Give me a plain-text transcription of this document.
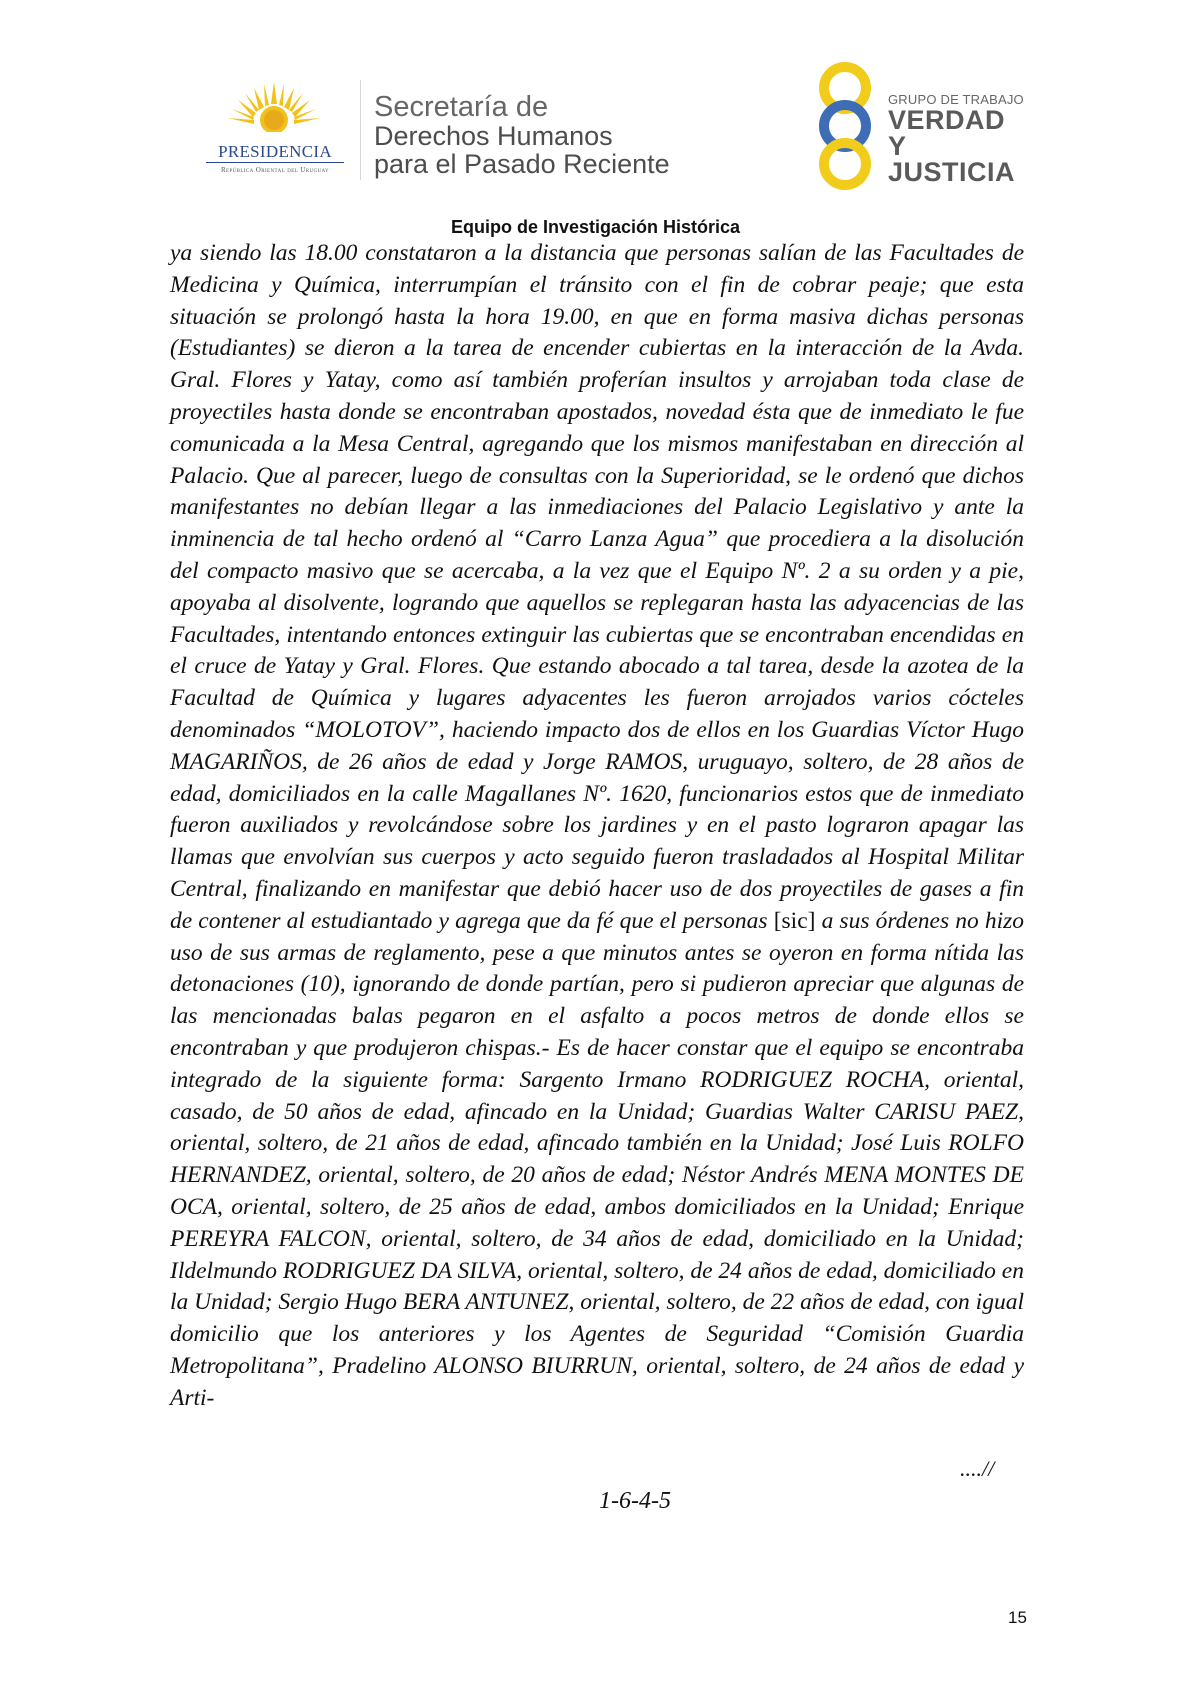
PRESIDENCIA
República Oriental del Uruguay
Secretaría de
Derechos Humanos
para el Pasado Reciente
GRUPO DE TRABAJO
VERDAD Y
JUSTICIA
Equipo de Investigación Histórica
ya siendo las 18.00 constataron a la distancia que personas salían de las Facultades de Medicina y Química, interrumpían el tránsito con el fin de cobrar peaje; que esta situación se prolongó hasta la hora 19.00, en que en forma masiva dichas personas (Estudiantes) se dieron a la tarea de encender cubiertas en la interacción de la Avda. Gral. Flores y Yatay, como así también proferían insultos y arrojaban toda clase de proyectiles hasta donde se encontraban apostados, novedad ésta que de inmediato le fue comunicada a la Mesa Central, agregando que los mismos manifestaban en dirección al Palacio. Que al parecer, luego de consultas con la Superioridad, se le ordenó que dichos manifestantes no debían llegar a las inmediaciones del Palacio Legislativo y ante la inminencia de tal hecho ordenó al “Carro Lanza Agua” que procediera a la disolución del compacto masivo que se acercaba, a la vez que el Equipo Nº. 2 a su orden y a pie, apoyaba al disolvente, logrando que aquellos se replegaran hasta las adyacencias de las Facultades, intentando entonces extinguir las cubiertas que se encontraban encendidas en el cruce de Yatay y Gral. Flores. Que estando abocado a tal tarea, desde la azotea de la Facultad de Química y lugares adyacentes les fueron arrojados varios cócteles denominados “MOLOTOV”, haciendo impacto dos de ellos en los Guardias Víctor Hugo MAGARIÑOS, de 26 años de edad y Jorge RAMOS, uruguayo, soltero, de 28 años de edad, domiciliados en la calle Magallanes Nº. 1620, funcionarios estos que de inmediato fueron auxiliados y revolcándose sobre los jardines y en el pasto lograron apagar las llamas que envolvían sus cuerpos y acto seguido fueron trasladados al Hospital Militar Central, finalizando en manifestar que debió hacer uso de dos proyectiles de gases a fin de contener al estudiantado y agrega que da fé que el personas [sic] a sus órdenes no hizo uso de sus armas de reglamento, pese a que minutos antes se oyeron en forma nítida las detonaciones (10), ignorando de donde partían, pero si pudieron apreciar que algunas de las mencionadas balas pegaron en el asfalto a pocos metros de donde ellos se encontraban y que produjeron chispas.- Es de hacer constar que el equipo se encontraba integrado de la siguiente forma: Sargento Irmano RODRIGUEZ ROCHA, oriental, casado, de 50 años de edad, afincado en la Unidad; Guardias Walter CARISU PAEZ, oriental, soltero, de 21 años de edad, afincado también en la Unidad; José Luis ROLFO HERNANDEZ, oriental, soltero, de 20 años de edad; Néstor Andrés MENA MONTES DE OCA, oriental, soltero, de 25 años de edad, ambos domiciliados en la Unidad; Enrique PEREYRA FALCON, oriental, soltero, de 34 años de edad, domiciliado en la Unidad; Ildelmundo RODRIGUEZ DA SILVA, oriental, soltero, de 24 años de edad, domiciliado en la Unidad; Sergio Hugo BERA ANTUNEZ, oriental, soltero, de 22 años de edad, con igual domicilio que los anteriores y los Agentes de Seguridad “Comisión Guardia Metropolitana”, Pradelino ALONSO BIURRUN, oriental, soltero, de 24 años de edad y Arti-
....//
1-6-4-5
15
